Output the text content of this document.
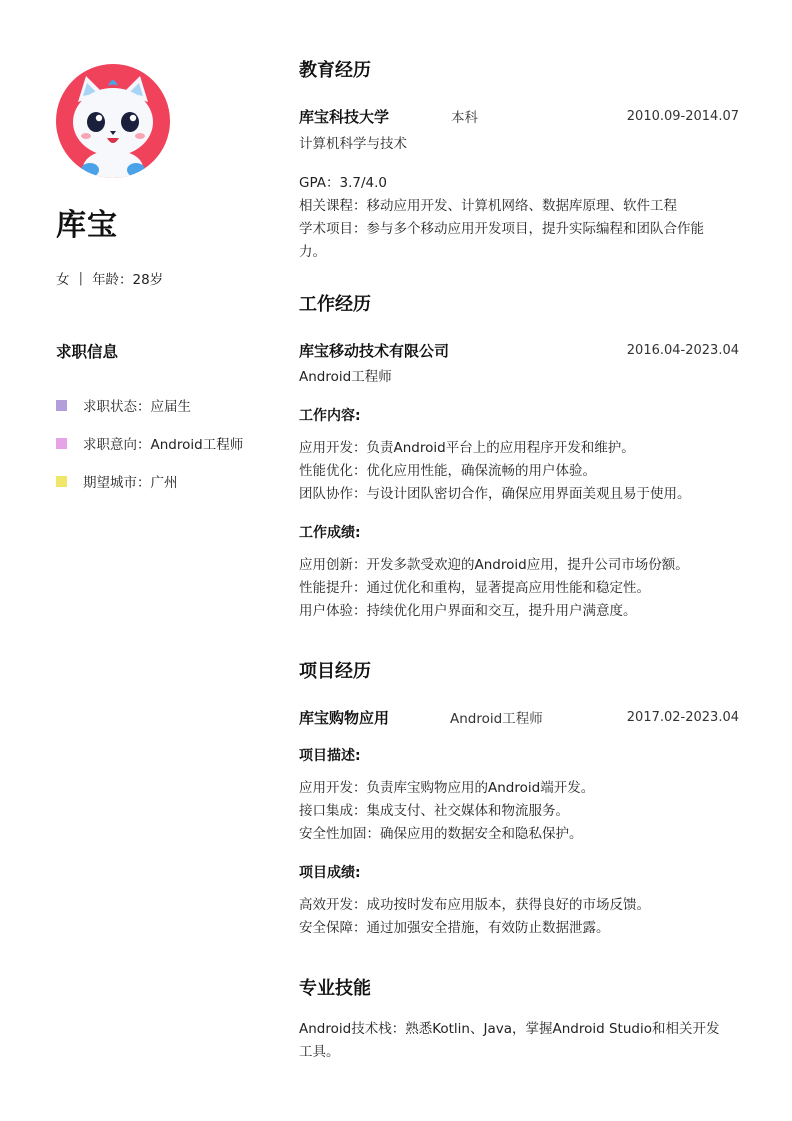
库宝
女 | 年龄：28岁
求职信息
求职状态：应届生
求职意向：Android工程师
期望城市：广州
教育经历
库宝科技大学	本科	2010.09-2014.07
计算机科学与技术
GPA：3.7/4.0
相关课程：移动应用开发、计算机网络、数据库原理、软件工程
学术项目：参与多个移动应用开发项目，提升实际编程和团队合作能力。
工作经历
库宝移动技术有限公司	2016.04-2023.04
Android工程师
工作内容:
应用开发：负责Android平台上的应用程序开发和维护。
性能优化：优化应用性能，确保流畅的用户体验。
团队协作：与设计团队密切合作，确保应用界面美观且易于使用。
工作成绩:
应用创新：开发多款受欢迎的Android应用，提升公司市场份额。
性能提升：通过优化和重构，显著提高应用性能和稳定性。
用户体验：持续优化用户界面和交互，提升用户满意度。
项目经历
库宝购物应用	Android工程师	2017.02-2023.04
项目描述:
应用开发：负责库宝购物应用的Android端开发。
接口集成：集成支付、社交媒体和物流服务。
安全性加固：确保应用的数据安全和隐私保护。
项目成绩:
高效开发：成功按时发布应用版本，获得良好的市场反馈。
安全保障：通过加强安全措施，有效防止数据泄露。
专业技能
Android技术栈：熟悉Kotlin、Java，掌握Android Studio和相关开发工具。
